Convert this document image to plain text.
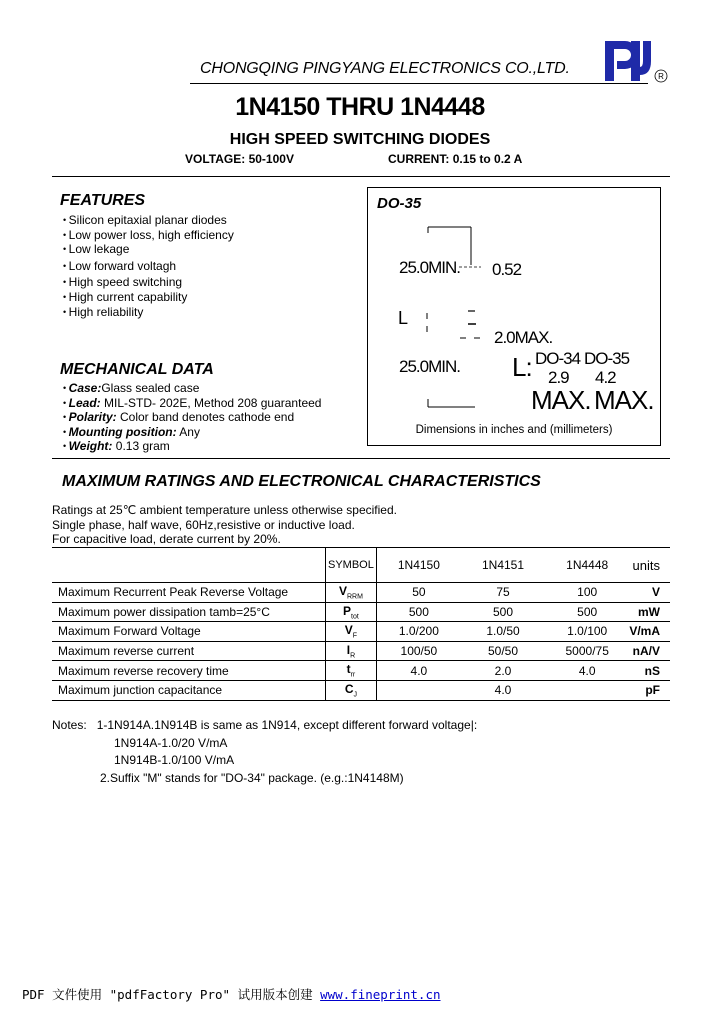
CHONGQING PINGYANG ELECTRONICS CO.,LTD.	R
1N4150 THRU 1N4448
HIGH SPEED SWITCHING DIODES
VOLTAGE: 50-100V	CURRENT: 0.15 to 0.2 A
FEATURES
• Silicon epitaxial planar diodes
• Low power loss, high efficiency
• Low lekage
• Low forward voltagh
• High speed switching
• High current capability
• High reliability
MECHANICAL DATA
• Case:Glass sealed case
• Lead: MIL-STD- 202E, Method 208 guaranteed
• Polarity: Color band denotes cathode end
• Mounting position: Any
• Weight: 0.13 gram
DO-35
25.0MIN. 0.52
L
2.0MAX.
25.0MIN. L: DO-34 DO-35
2.9 4.2
MAX. MAX.
Dimensions in inches and (millimeters)
MAXIMUM RATINGS AND ELECTRONICAL CHARACTERISTICS
Ratings at 25℃ ambient temperature unless otherwise specified.
Single phase, half wave, 60Hz,resistive or inductive load.
For capacitive load, derate current by 20%.
	SYMBOL	1N4150	1N4151	1N4448	units
Maximum Recurrent Peak Reverse Voltage	$V_{RRM}$	50	75	100	V
Maximum power dissipation tamb=25°C	$P_{tot}$	500	500	500	mW
Maximum Forward Voltage	$V_F$	1.0/200	1.0/50	1.0/100	V/mA
Maximum reverse current	$I_R$	100/50	50/50	5000/75	nA/V
Maximum reverse recovery time	$t_{rr}$	4.0	2.0	4.0	nS
Maximum junction capacitance	$C_J$		4.0		pF
Notes: 1-1N914A.1N914B is same as 1N914, except different forward voltage|:
1N914A-1.0/20 V/mA
1N914B-1.0/100 V/mA
2.Suffix "M" stands for "DO-34" package. (e.g.:1N4148M)
PDF 文件使用 "pdfFactory Pro" 试用版本创建 www.fineprint.cn
